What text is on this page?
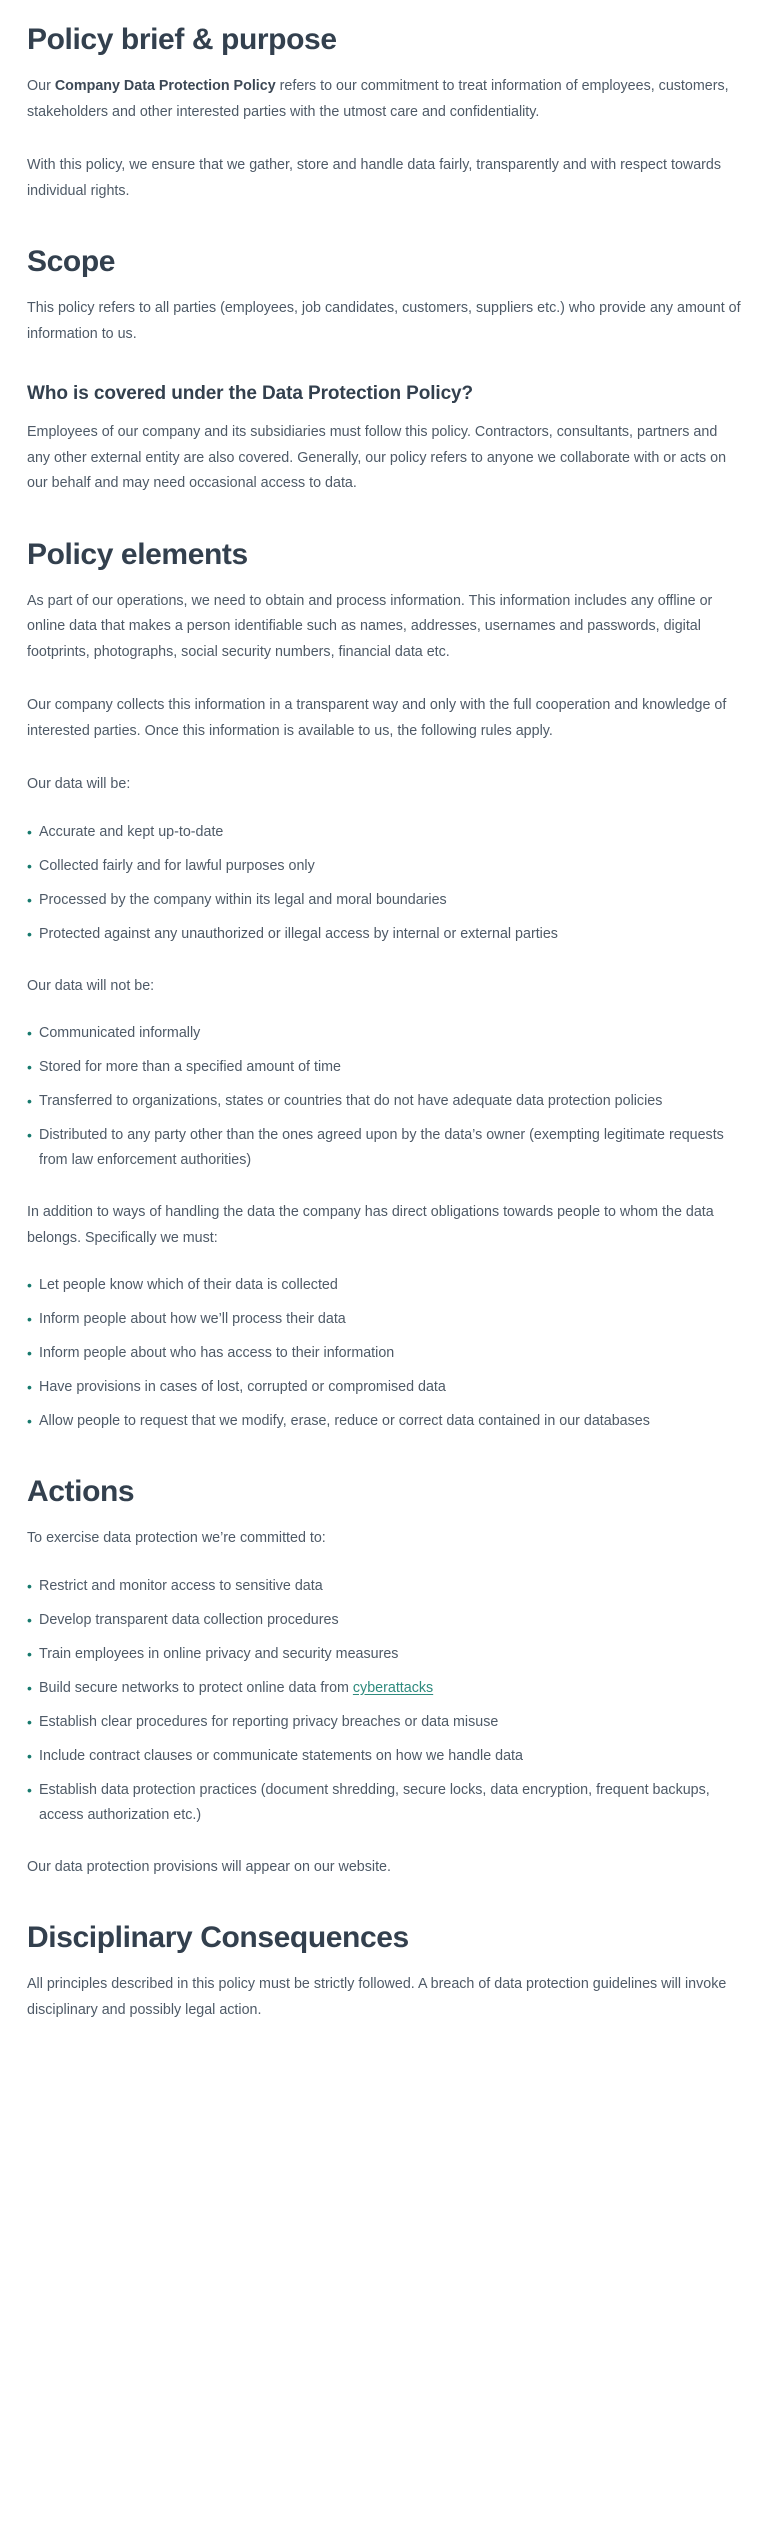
Policy brief & purpose

Our Company Data Protection Policy refers to our commitment to treat information of employees, customers, stakeholders and other interested parties with the utmost care and confidentiality.

With this policy, we ensure that we gather, store and handle data fairly, transparently and with respect towards individual rights.

Scope

This policy refers to all parties (employees, job candidates, customers, suppliers etc.) who provide any amount of information to us.

Who is covered under the Data Protection Policy?

Employees of our company and its subsidiaries must follow this policy. Contractors, consultants, partners and any other external entity are also covered. Generally, our policy refers to anyone we collaborate with or acts on our behalf and may need occasional access to data.

Policy elements

As part of our operations, we need to obtain and process information. This information includes any offline or online data that makes a person identifiable such as names, addresses, usernames and passwords, digital footprints, photographs, social security numbers, financial data etc.

Our company collects this information in a transparent way and only with the full cooperation and knowledge of interested parties. Once this information is available to us, the following rules apply.

Our data will be:

• Accurate and kept up-to-date
• Collected fairly and for lawful purposes only
• Processed by the company within its legal and moral boundaries
• Protected against any unauthorized or illegal access by internal or external parties

Our data will not be:

• Communicated informally
• Stored for more than a specified amount of time
• Transferred to organizations, states or countries that do not have adequate data protection policies
• Distributed to any party other than the ones agreed upon by the data’s owner (exempting legitimate requests from law enforcement authorities)

In addition to ways of handling the data the company has direct obligations towards people to whom the data belongs. Specifically we must:

• Let people know which of their data is collected
• Inform people about how we’ll process their data
• Inform people about who has access to their information
• Have provisions in cases of lost, corrupted or compromised data
• Allow people to request that we modify, erase, reduce or correct data contained in our databases
Actions

To exercise data protection we’re committed to:

• Restrict and monitor access to sensitive data
• Develop transparent data collection procedures
• Train employees in online privacy and security measures
• Build secure networks to protect online data from cyberattacks
• Establish clear procedures for reporting privacy breaches or data misuse
• Include contract clauses or communicate statements on how we handle data
• Establish data protection practices (document shredding, secure locks, data encryption, frequent backups, access authorization etc.)

Our data protection provisions will appear on our website.

Disciplinary Consequences

All principles described in this policy must be strictly followed. A breach of data protection guidelines will invoke disciplinary and possibly legal action.
